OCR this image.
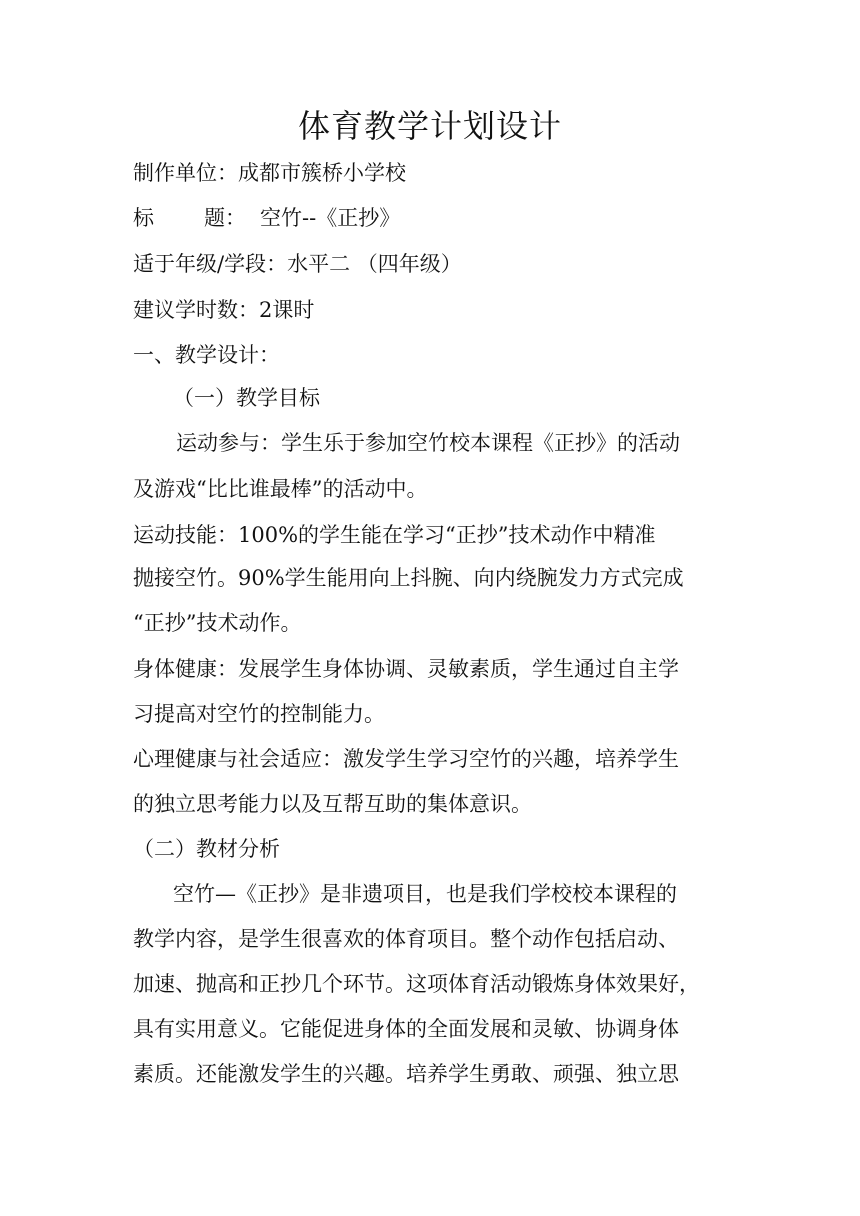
体育教学计划设计

制作单位：成都市簇桥小学校

标 题： 空竹--《正抄》

适于年级/学段：水平二 （四年级）

建议学时数：2课时

一、教学设计：

（一）教学目标

运动参与：学生乐于参加空竹校本课程《正抄》的活动

及游戏“比比谁最棒”的活动中。

运动技能：100%的学生能在学习“正抄”技术动作中精准

抛接空竹。90%学生能用向上抖腕、向内绕腕发力方式完成

“正抄”技术动作。

身体健康：发展学生身体协调、灵敏素质，学生通过自主学

习提高对空竹的控制能力。

心理健康与社会适应：激发学生学习空竹的兴趣，培养学生

的独立思考能力以及互帮互助的集体意识。

（二）教材分析

空竹—《正抄》是非遗项目，也是我们学校校本课程的

教学内容，是学生很喜欢的体育项目。整个动作包括启动、

加速、抛高和正抄几个环节。这项体育活动锻炼身体效果好，

具有实用意义。它能促进身体的全面发展和灵敏、协调身体

素质。还能激发学生的兴趣。培养学生勇敢、顽强、独立思
